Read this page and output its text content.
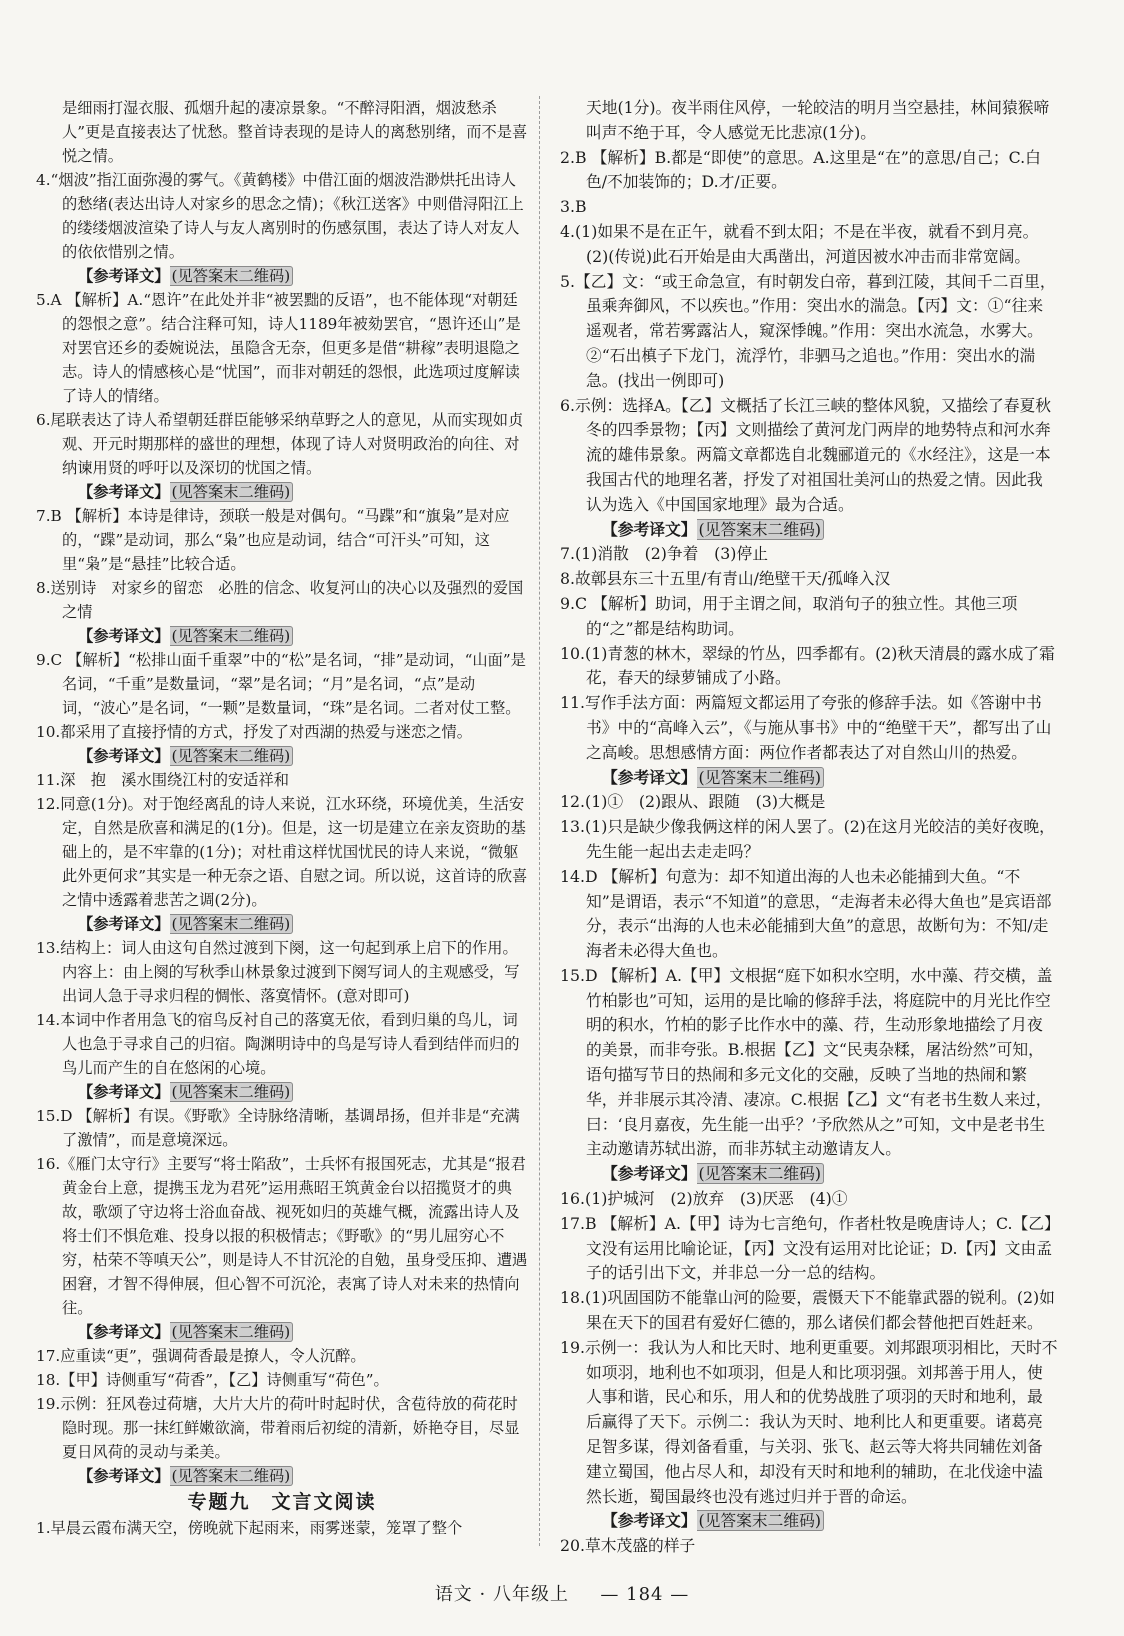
是细雨打湿衣服、孤烟升起的凄凉景象。“不醉浔阳酒，烟波愁杀人”更是直接表达了忧愁。整首诗表现的是诗人的离愁别绪，而不是喜悦之情。

4.“烟波”指江面弥漫的雾气。《黄鹤楼》中借江面的烟波浩渺烘托出诗人的愁绪(表达出诗人对家乡的思念之情)；《秋江送客》中则借浔阳江上的缕缕烟波渲染了诗人与友人离别时的伤感氛围，表达了诗人对友人的依依惜别之情。

【参考译文】 (见答案末二维码)

5.A 【解析】A.“恩许”在此处并非“被罢黜的反语”，也不能体现“对朝廷的怨恨之意”。结合注释可知，诗人1189年被劾罢官，“恩许还山”是对罢官还乡的委婉说法，虽隐含无奈，但更多是借“耕稼”表明退隐之志。诗人的情感核心是“忧国”，而非对朝廷的怨恨，此选项过度解读了诗人的情绪。

6.尾联表达了诗人希望朝廷群臣能够采纳草野之人的意见，从而实现如贞观、开元时期那样的盛世的理想，体现了诗人对贤明政治的向往、对纳谏用贤的呼吁以及深切的忧国之情。

【参考译文】 (见答案末二维码)

7.B 【解析】本诗是律诗，颈联一般是对偶句。“马蹀”和“旗枭”是对应的，“蹀”是动词，那么“枭”也应是动词，结合“可汗头”可知，这里“枭”是“悬挂”比较合适。

8.送别诗　对家乡的留恋　必胜的信念、收复河山的决心以及强烈的爱国之情

【参考译文】 (见答案末二维码)

9.C 【解析】“松排山面千重翠”中的“松”是名词，“排”是动词，“山面”是名词，“千重”是数量词，“翠”是名词；“月”是名词，“点”是动词，“波心”是名词，“一颗”是数量词，“珠”是名词。二者对仗工整。

10.都采用了直接抒情的方式，抒发了对西湖的热爱与迷恋之情。

【参考译文】 (见答案末二维码)

11.深　抱　溪水围绕江村的安适祥和

12.同意(1分)。对于饱经离乱的诗人来说，江水环绕，环境优美，生活安定，自然是欣喜和满足的(1分)。但是，这一切是建立在亲友资助的基础上的，是不牢靠的(1分)；对杜甫这样忧国忧民的诗人来说，“微躯此外更何求”其实是一种无奈之语、自慰之词。所以说，这首诗的欣喜之情中透露着悲苦之调(2分)。

【参考译文】 (见答案末二维码)

13.结构上：词人由这句自然过渡到下阕，这一句起到承上启下的作用。内容上：由上阕的写秋季山林景象过渡到下阕写词人的主观感受，写出词人急于寻求归程的惆怅、落寞情怀。(意对即可)

14.本词中作者用急飞的宿鸟反衬自己的落寞无依，看到归巢的鸟儿，词人也急于寻求自己的归宿。陶渊明诗中的鸟是写诗人看到结伴而归的鸟儿而产生的自在悠闲的心境。

【参考译文】 (见答案末二维码)

15.D 【解析】有误。《野歌》全诗脉络清晰，基调昂扬，但并非是“充满了激情”，而是意境深远。

16.《雁门太守行》主要写“将士陷敌”，士兵怀有报国死志，尤其是“报君黄金台上意，提携玉龙为君死”运用燕昭王筑黄金台以招揽贤才的典故，歌颂了守边将士浴血奋战、视死如归的英雄气概，流露出诗人及将士们不惧危难、投身以报的积极情志；《野歌》的“男儿屈穷心不穷，枯荣不等嗔天公”，则是诗人不甘沉沦的自勉，虽身受压抑、遭遇困窘，才智不得伸展，但心智不可沉沦，表寓了诗人对未来的热情向往。

【参考译文】 (见答案末二维码)

17.应重读“更”，强调荷香最是撩人，令人沉醉。

18.【甲】诗侧重写“荷香”，【乙】诗侧重写“荷色”。

19.示例：狂风卷过荷塘，大片大片的荷叶时起时伏，含苞待放的荷花时隐时现。那一抹红鲜嫩欲滴，带着雨后初绽的清新，娇艳夺目，尽显夏日风荷的灵动与柔美。

【参考译文】 (见答案末二维码)

专题九　文言文阅读

1.早晨云霞布满天空，傍晚就下起雨来，雨雾迷蒙，笼罩了整个

天地(1分)。夜半雨住风停，一轮皎洁的明月当空悬挂，林间猿猴啼叫声不绝于耳，令人感觉无比悲凉(1分)。

2.B 【解析】B.都是“即使”的意思。A.这里是“在”的意思/自己；C.白色/不加装饰的；D.才/正要。

3.B

4.(1)如果不是在正午，就看不到太阳；不是在半夜，就看不到月亮。(2)(传说)此石开始是由大禹凿出，河道因被水冲击而非常宽阔。

5.【乙】文：“或王命急宣，有时朝发白帝，暮到江陵，其间千二百里，虽乘奔御风，不以疾也。”作用：突出水的湍急。【丙】文：①“往来遥观者，常若雾露沾人，窥深悸魄。”作用：突出水流急，水雾大。②“石出槙子下龙门，流浮竹，非驷马之追也。”作用：突出水的湍急。(找出一例即可)

6.示例：选择A。【乙】文概括了长江三峡的整体风貌，又描绘了春夏秋冬的四季景物；【丙】文则描绘了黄河龙门两岸的地势特点和河水奔流的雄伟景象。两篇文章都选自北魏郦道元的《水经注》，这是一本我国古代的地理名著，抒发了对祖国壮美河山的热爱之情。因此我认为选入《中国国家地理》最为合适。

【参考译文】 (见答案末二维码)

7.(1)消散　(2)争着　(3)停止

8.故鄣县东三十五里/有青山/绝壁干天/孤峰入汉

9.C 【解析】助词，用于主谓之间，取消句子的独立性。其他三项的“之”都是结构助词。

10.(1)青葱的林木，翠绿的竹丛，四季都有。(2)秋天清晨的露水成了霜花，春天的绿萝铺成了小路。

11.写作手法方面：两篇短文都运用了夸张的修辞手法。如《答谢中书书》中的“高峰入云”，《与施从事书》中的“绝壁干天”，都写出了山之高峻。思想感情方面：两位作者都表达了对自然山川的热爱。

【参考译文】 (见答案末二维码)

12.(1)①　(2)跟从、跟随　(3)大概是

13.(1)只是缺少像我俩这样的闲人罢了。(2)在这月光皎洁的美好夜晚，先生能一起出去走走吗？

14.D 【解析】句意为：却不知道出海的人也未必能捕到大鱼。“不知”是谓语，表示“不知道”的意思，“走海者未必得大鱼也”是宾语部分，表示“出海的人也未必能捕到大鱼”的意思，故断句为：不知/走海者未必得大鱼也。

15.D 【解析】A.【甲】文根据“庭下如积水空明，水中藻、荇交横，盖竹柏影也”可知，运用的是比喻的修辞手法，将庭院中的月光比作空明的积水，竹柏的影子比作水中的藻、荇，生动形象地描绘了月夜的美景，而非夸张。B.根据【乙】文“民夷杂糅，屠沽纷然”可知，语句描写节日的热闹和多元文化的交融，反映了当地的热闹和繁华，并非展示其冷清、凄凉。C.根据【乙】文“有老书生数人来过，曰：‘良月嘉夜，先生能一出乎？’予欣然从之”可知，文中是老书生主动邀请苏轼出游，而非苏轼主动邀请友人。

【参考译文】 (见答案末二维码)

16.(1)护城河　(2)放弃　(3)厌恶　(4)①

17.B 【解析】A.【甲】诗为七言绝句，作者杜牧是晚唐诗人；C.【乙】文没有运用比喻论证，【丙】文没有运用对比论证；D.【丙】文由孟子的话引出下文，并非总一分一总的结构。

18.(1)巩固国防不能靠山河的险要，震慑天下不能靠武器的锐利。(2)如果在天下的国君有爱好仁德的，那么诸侯们都会替他把百姓赶来。

19.示例一：我认为人和比天时、地利更重要。刘邦跟项羽相比，天时不如项羽，地利也不如项羽，但是人和比项羽强。刘邦善于用人，使人事和谐，民心和乐，用人和的优势战胜了项羽的天时和地利，最后赢得了天下。示例二：我认为天时、地利比人和更重要。诸葛亮足智多谋，得刘备看重，与关羽、张飞、赵云等大将共同辅佐刘备建立蜀国，他占尽人和，却没有天时和地利的辅助，在北伐途中溘然长逝，蜀国最终也没有逃过归并于晋的命运。

【参考译文】 (见答案末二维码)

20.草木茂盛的样子

语文 · 八年级上 — 184 —
